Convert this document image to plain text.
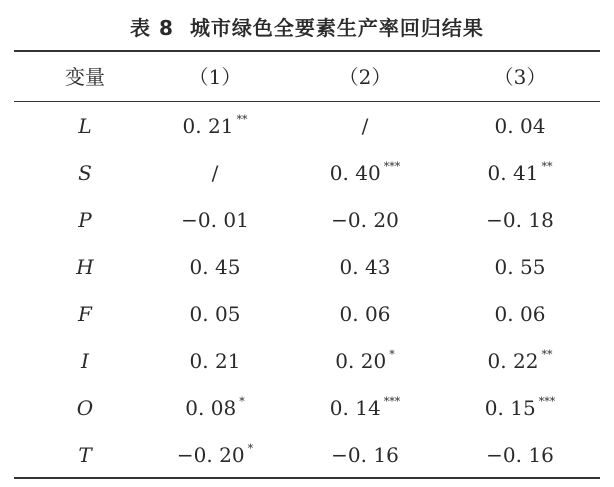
表 8 城市绿色全要素生产率回归结果
变量	（1）	（2）	（3）
L	0. 21 **	/	0. 04
S	/	0. 40 ***	0. 41 **
P	−0. 01	−0. 20	−0. 18
H	0. 45	0. 43	0. 55
F	0. 05	0. 06	0. 06
I	0. 21	0. 20 *	0. 22 **
O	0. 08 *	0. 14 ***	0. 15 ***
T	−0. 20 *	−0. 16	−0. 16
